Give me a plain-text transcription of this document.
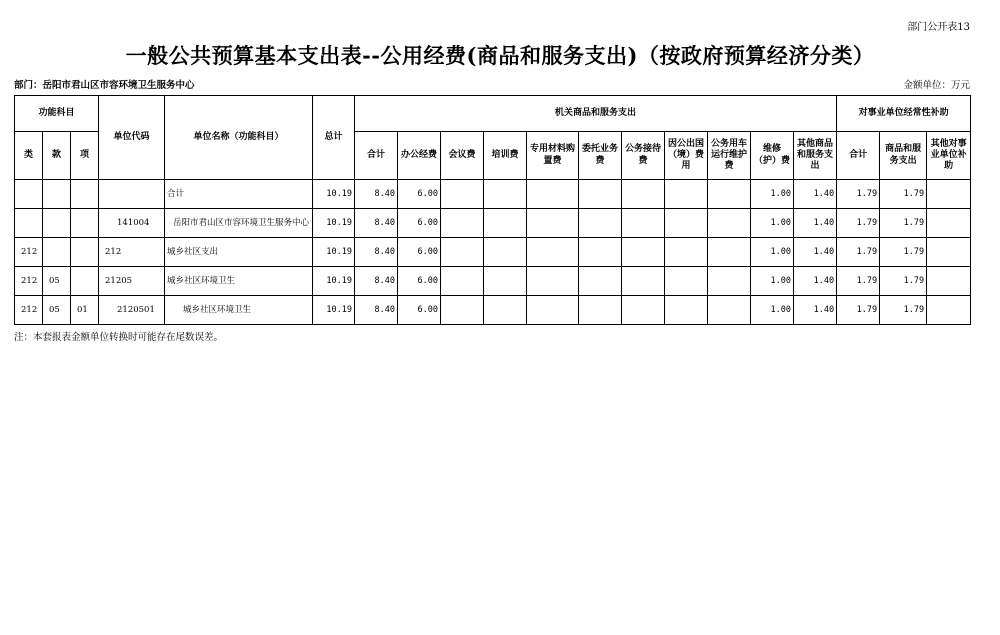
部门公开表13
一般公共预算基本支出表--公用经费(商品和服务支出)（按政府预算经济分类）
部门：岳阳市君山区市容环境卫生服务中心	金额单位：万元
功能科目			单位代码	单位名称（功能科目）	总计	机关商品和服务支出											对事业单位经常性补助		
类	款	项				合计	办公经费	会议费	培训费	专用材料购置费	委托业务费	公务接待费	因公出国（境）费用	公务用车运行维护费	维修（护）费	其他商品和服务支出	合计	商品和服务支出	其他对事业单位补助
				合计	10.19	8.40	6.00								1.00	1.40	1.79	1.79	
			141004	岳阳市君山区市容环境卫生服务中心	10.19	8.40	6.00								1.00	1.40	1.79	1.79	
212			212	城乡社区支出	10.19	8.40	6.00								1.00	1.40	1.79	1.79	
212	05		21205	城乡社区环境卫生	10.19	8.40	6.00								1.00	1.40	1.79	1.79	
212	05	01	2120501	城乡社区环境卫生	10.19	8.40	6.00								1.00	1.40	1.79	1.79	
注：本套报表金额单位转换时可能存在尾数误差。
